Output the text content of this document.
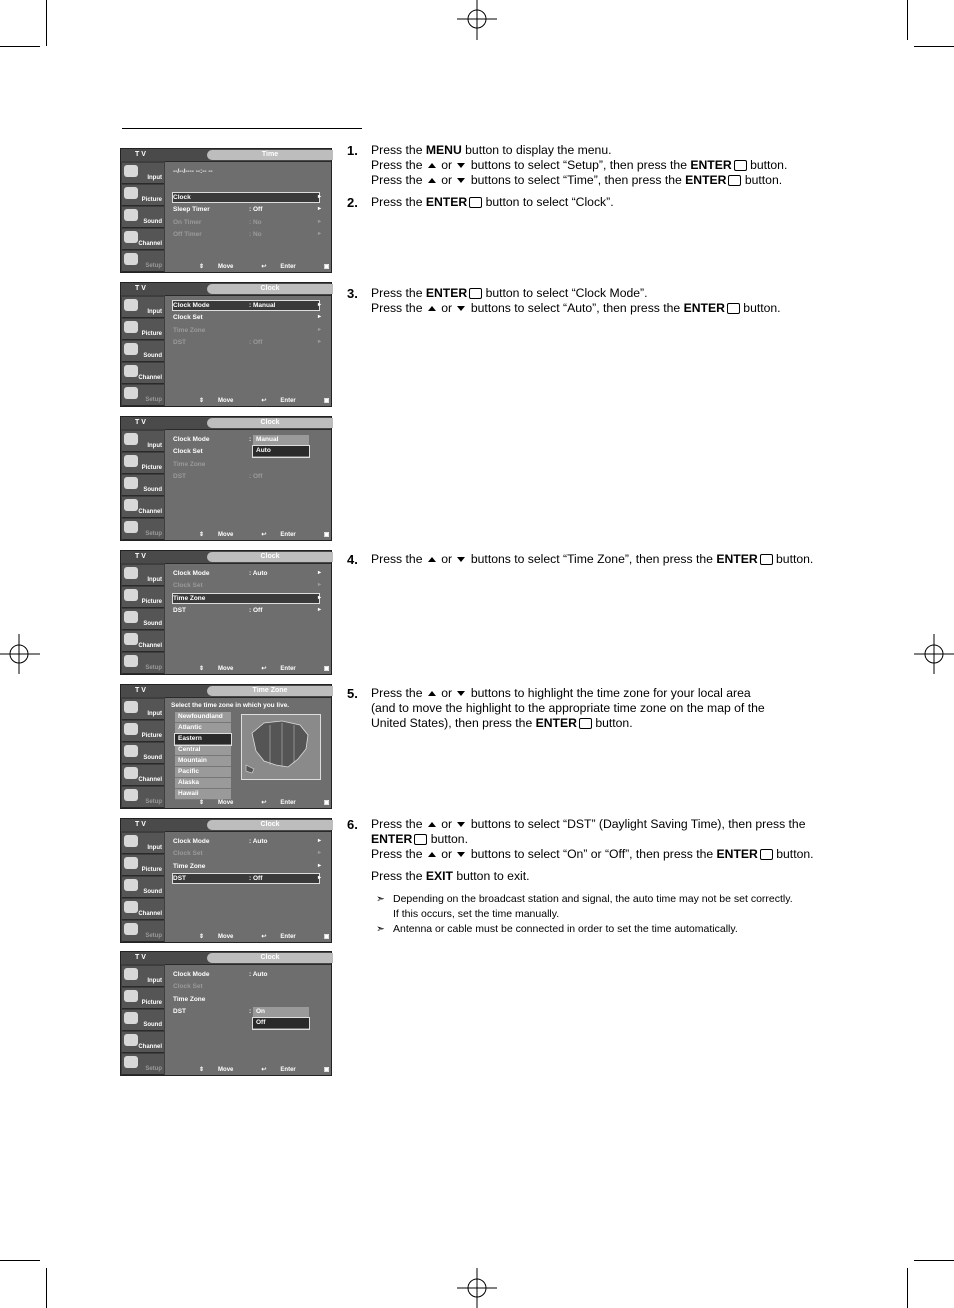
T V	Time
Input
Picture
Sound
Channel
Setup
--/--/---- --:-- --
Clock	▸
Sleep Timer	: Off	▸
On Timer	: No	▸
Off Timer	: No	▸
⇕ Move	↩ Enter	▣ Return
T V	Clock
Input
Picture
Sound
Channel
Setup
Clock Mode	: Manual	▸
Clock Set	▸
Time Zone	▸
DST	: Off	▸
⇕ Move	↩ Enter	▣ Return
T V	Clock
Input
Picture
Sound
Channel
Setup
Clock Mode	:
Clock Set
Time Zone
DST	: Off
Manual
Auto
⇕ Move	↩ Enter	▣ Return
T V	Clock
Input
Picture
Sound
Channel
Setup
Clock Mode	: Auto	▸
Clock Set	▸
Time Zone	▸
DST	: Off	▸
⇕ Move	↩ Enter	▣ Return
T V	Time Zone
Input
Picture
Sound
Channel
Setup
Select the time zone in which you live.
Newfoundland
Atlantic
Eastern
Central
Mountain
Pacific
Alaska
Hawaii
⇕ Move	↩ Enter	▣ Return
T V	Clock
Input
Picture
Sound
Channel
Setup
Clock Mode	: Auto	▸
Clock Set	▸
Time Zone	▸
DST	: Off	▸
⇕ Move	↩ Enter	▣ Return
T V	Clock
Input
Picture
Sound
Channel
Setup
Clock Mode	: Auto
Clock Set
Time Zone
DST	: On
Off
⇕ Move	↩ Enter	▣ Return
1. Press the MENU button to display the menu.

Press the  or  buttons to select “Setup”, then press the ENTER button.

Press the  or  buttons to select “Time”, then press the ENTER button.

2. Press the ENTER button to select “Clock”.

3. Press the ENTER button to select “Clock Mode”.

Press the  or  buttons to select “Auto”, then press the ENTER button.

4. Press the  or  buttons to select “Time Zone”, then press the ENTER button.

5. Press the  or  buttons to highlight the time zone for your local area

(and to move the highlight to the appropriate time zone on the map of the

United States), then press the ENTER button.

6. Press the  or  buttons to select “DST” (Daylight Saving Time), then press the

ENTER button.

Press the  or  buttons to select “On” or “Off”, then press the ENTER button.

Press the EXIT button to exit.

➣ Depending on the broadcast station and signal, the auto time may not be set correctly.
If this occurs, set the time manually.
➣ Antenna or cable must be connected in order to set the time automatically.
